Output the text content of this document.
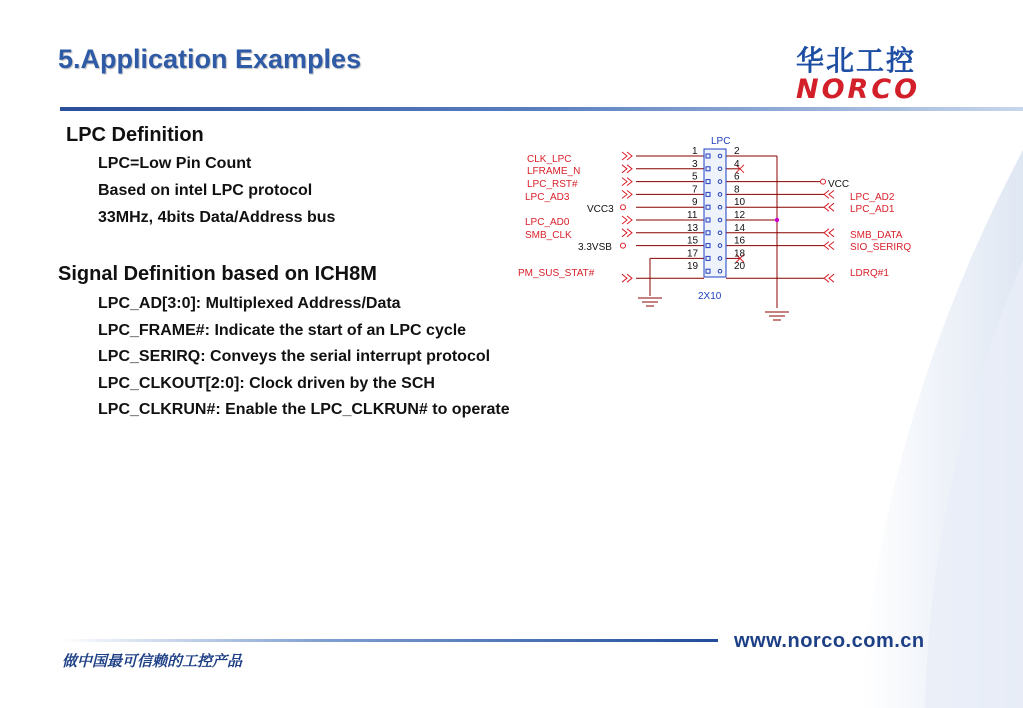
5.Application Examples	华北工控
NORCO
LPC Definition
LPC=Low Pin Count
Based on intel LPC protocol
33MHz, 4bits Data/Address bus
Signal Definition based on ICH8M
LPC_AD[3:0]: Multiplexed Address/Data
LPC_FRAME#: Indicate the start of an LPC cycle
LPC_SERIRQ: Conveys the serial interrupt protocol
LPC_CLKOUT[2:0]: Clock driven by the SCH
LPC_CLKRUN#: Enable the LPC_CLKRUN# to operate
LPC
1	2
3	4
5	6
7	8
9	10
11	12
13	14
15	16
17	18
19	20
2X10
CLK_LPC
LFRAME_N
LPC_RST#
LPC_AD3
VCC3
LPC_AD0
SMB_CLK
3.3VSB
PM_SUS_STAT#
VCC
LPC_AD2
LPC_AD1
SMB_DATA
SIO_SERIRQ
LDRQ#1
www.norco.com.cn
做中国最可信赖的工控产品
